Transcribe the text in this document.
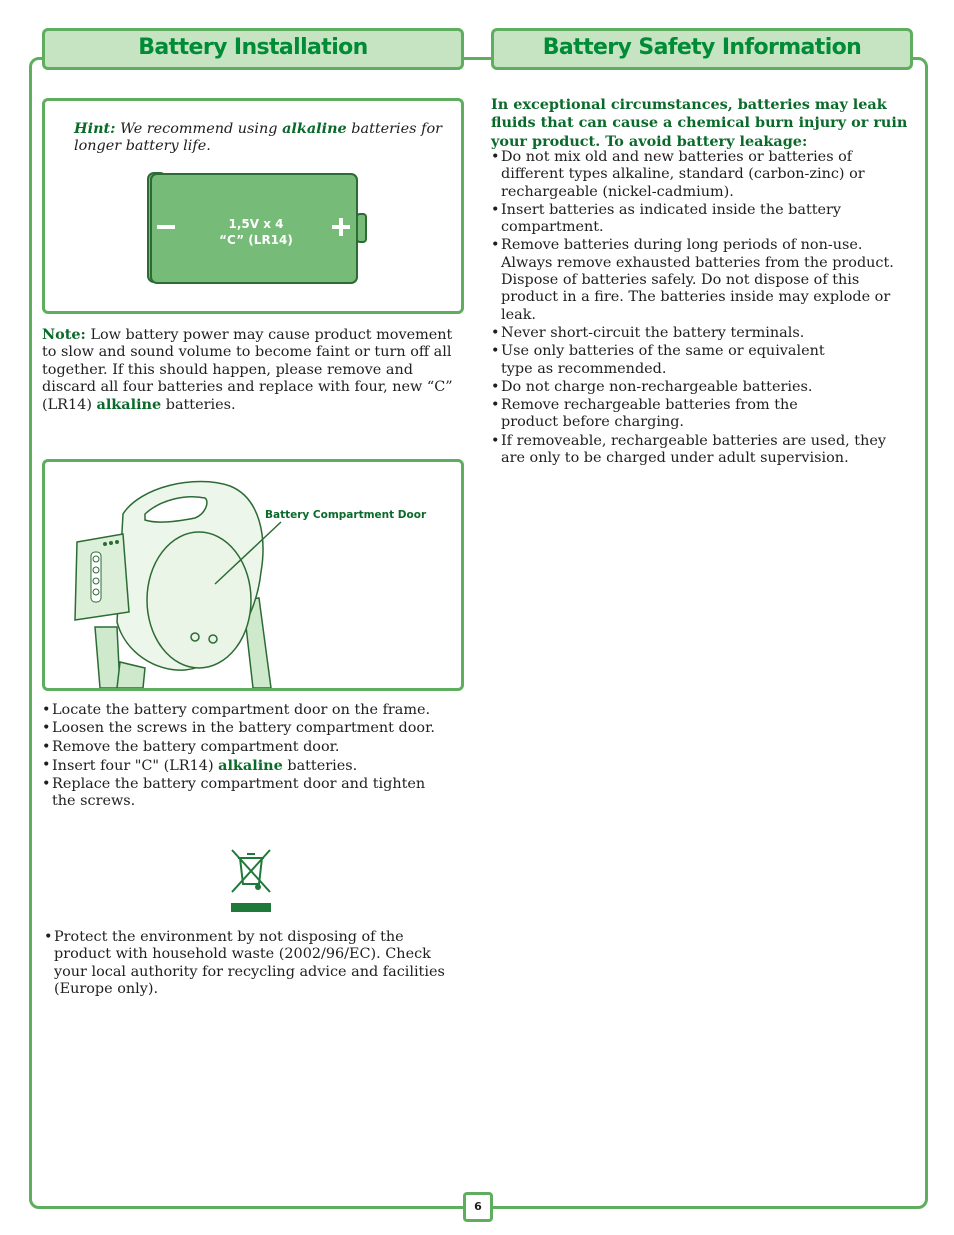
Battery Installation	Battery Safety Information
Hint: We recommend using alkaline batteries for longer battery life.
1,5V x 4
“C” (LR14)
Note: Low battery power may cause product movement to slow and sound volume to become faint or turn off all together. If this should happen, please remove and discard all four batteries and replace with four, new “C” (LR14) alkaline batteries.
Battery Compartment Door
• Locate the battery compartment door on the frame.
• Loosen the screws in the battery compartment door.
• Remove the battery compartment door.
• Insert four "C" (LR14) alkaline batteries.
• Replace the battery compartment door and tighten the screws.
• Protect the environment by not disposing of the product with household waste (2002/96/EC). Check your local authority for recycling advice and facilities (Europe only).
In exceptional circumstances, batteries may leak fluids that can cause a chemical burn injury or ruin your product. To avoid battery leakage:
• Do not mix old and new batteries or batteries of different types alkaline, standard (carbon-zinc) or rechargeable (nickel-cadmium).
• Insert batteries as indicated inside the battery compartment.
• Remove batteries during long periods of non-use. Always remove exhausted batteries from the product. Dispose of batteries safely. Do not dispose of this product in a fire. The batteries inside may explode or leak.
• Never short-circuit the battery terminals.
• Use only batteries of the same or equivalent type as recommended.
• Do not charge non-rechargeable batteries.
• Remove rechargeable batteries from the product before charging.
• If removeable, rechargeable batteries are used, they are only to be charged under adult supervision.
6
